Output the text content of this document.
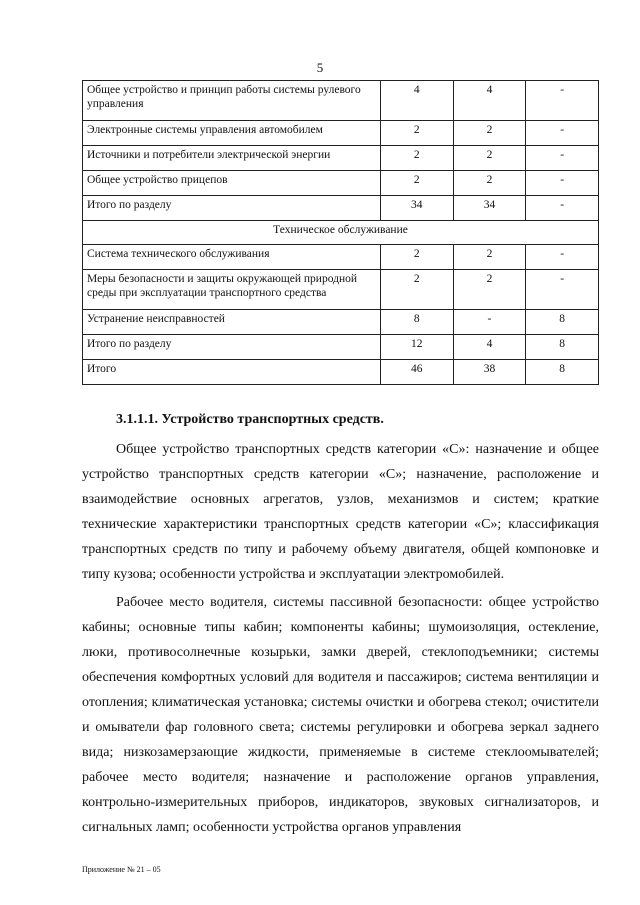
5
Общее устройство и принцип работы системы рулевого управления	4	4	-
Электронные системы управления автомобилем	2	2	-
Источники и потребители электрической энергии	2	2	-
Общее устройство прицепов	2	2	-
Итого по разделу	34	34	-
Техническое обслуживание			
Система технического обслуживания	2	2	-
Меры безопасности и защиты окружающей природной среды при эксплуатации транспортного средства	2	2	-
Устранение неисправностей	8	-	8
Итого по разделу	12	4	8
Итого	46	38	8
3.1.1.1. Устройство транспортных средств.

Общее устройство транспортных средств категории «С»: назначение и общее устройство транспортных средств категории «С»; назначение, расположение и взаимодействие основных агрегатов, узлов, механизмов и систем; краткие технические характеристики транспортных средств категории «С»; классификация транспортных средств по типу и рабочему объему двигателя, общей компоновке и типу кузова; особенности устройства и эксплуатации электромобилей.

Рабочее место водителя, системы пассивной безопасности: общее устройство кабины; основные типы кабин; компоненты кабины; шумоизоляция, остекление, люки, противосолнечные козырьки, замки дверей, стеклоподъемники; системы обеспечения комфортных условий для водителя и пассажиров; система вентиляции и отопления; климатическая установка; системы очистки и обогрева стекол; очистители и омыватели фар головного света; системы регулировки и обогрева зеркал заднего вида; низкозамерзающие жидкости, применяемые в системе стеклоомывателей; рабочее место водителя; назначение и расположение органов управления, контрольно-измерительных приборов, индикаторов, звуковых сигнализаторов, и сигнальных ламп; особенности устройства органов управления

Приложение № 21 – 05
